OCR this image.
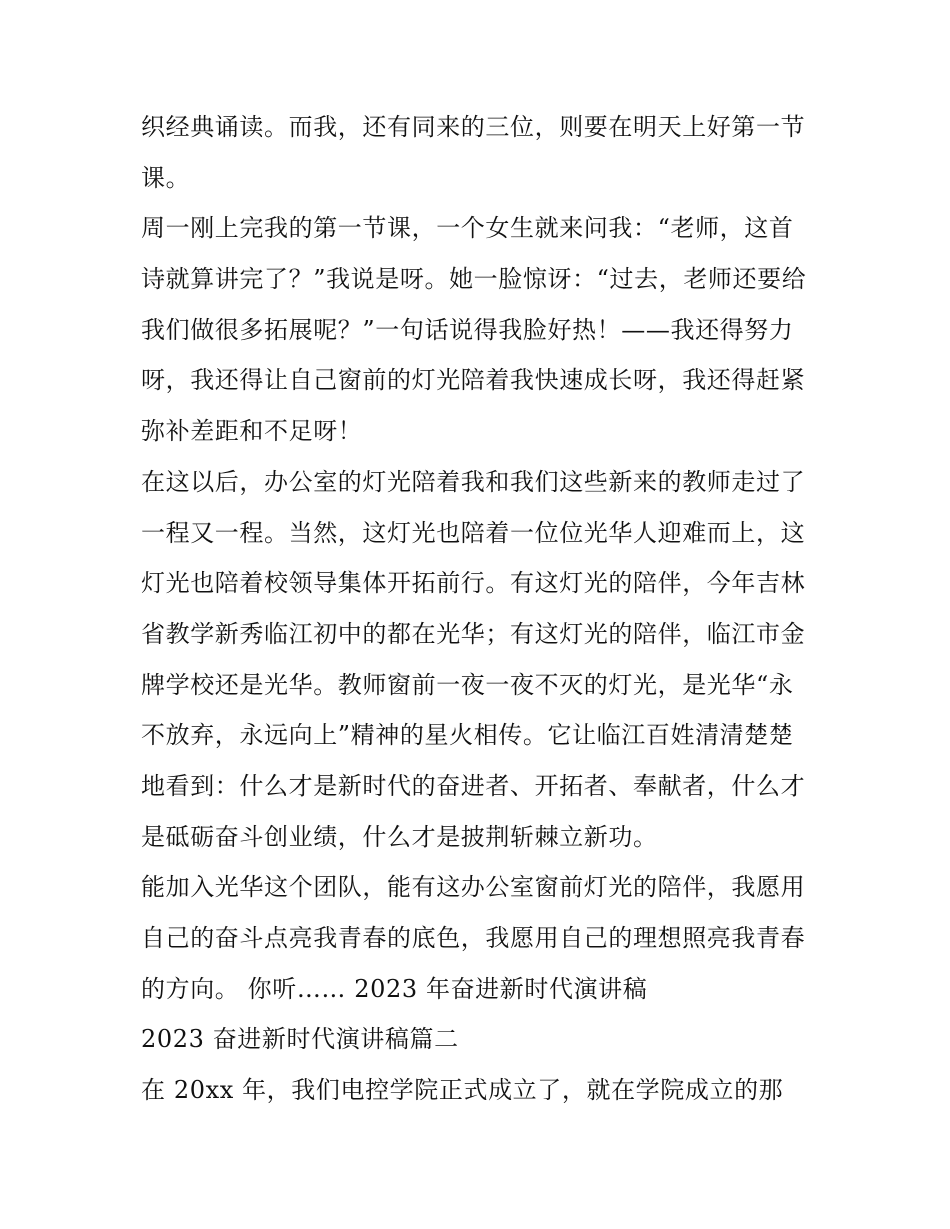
织经典诵读。而我，还有同来的三位，则要在明天上好第一节
课。
周一刚上完我的第一节课，一个女生就来问我：“老师，这首
诗就算讲完了？”我说是呀。她一脸惊讶：“过去，老师还要给
我们做很多拓展呢？”一句话说得我脸好热！——我还得努力
呀，我还得让自己窗前的灯光陪着我快速成长呀，我还得赶紧
弥补差距和不足呀！
在这以后，办公室的灯光陪着我和我们这些新来的教师走过了
一程又一程。当然，这灯光也陪着一位位光华人迎难而上，这
灯光也陪着校领导集体开拓前行。有这灯光的陪伴，今年吉林
省教学新秀临江初中的都在光华；有这灯光的陪伴，临江市金
牌学校还是光华。教师窗前一夜一夜不灭的灯光，是光华“永
不放弃，永远向上”精神的星火相传。它让临江百姓清清楚楚
地看到：什么才是新时代的奋进者、开拓者、奉献者，什么才
是砥砺奋斗创业绩，什么才是披荆斩棘立新功。
能加入光华这个团队，能有这办公室窗前灯光的陪伴，我愿用
自己的奋斗点亮我青春的底色，我愿用自己的理想照亮我青春
的方向。 你听…… 2023 年奋进新时代演讲稿
2023 奋进新时代演讲稿篇二
在 20xx 年，我们电控学院正式成立了，就在学院成立的那
